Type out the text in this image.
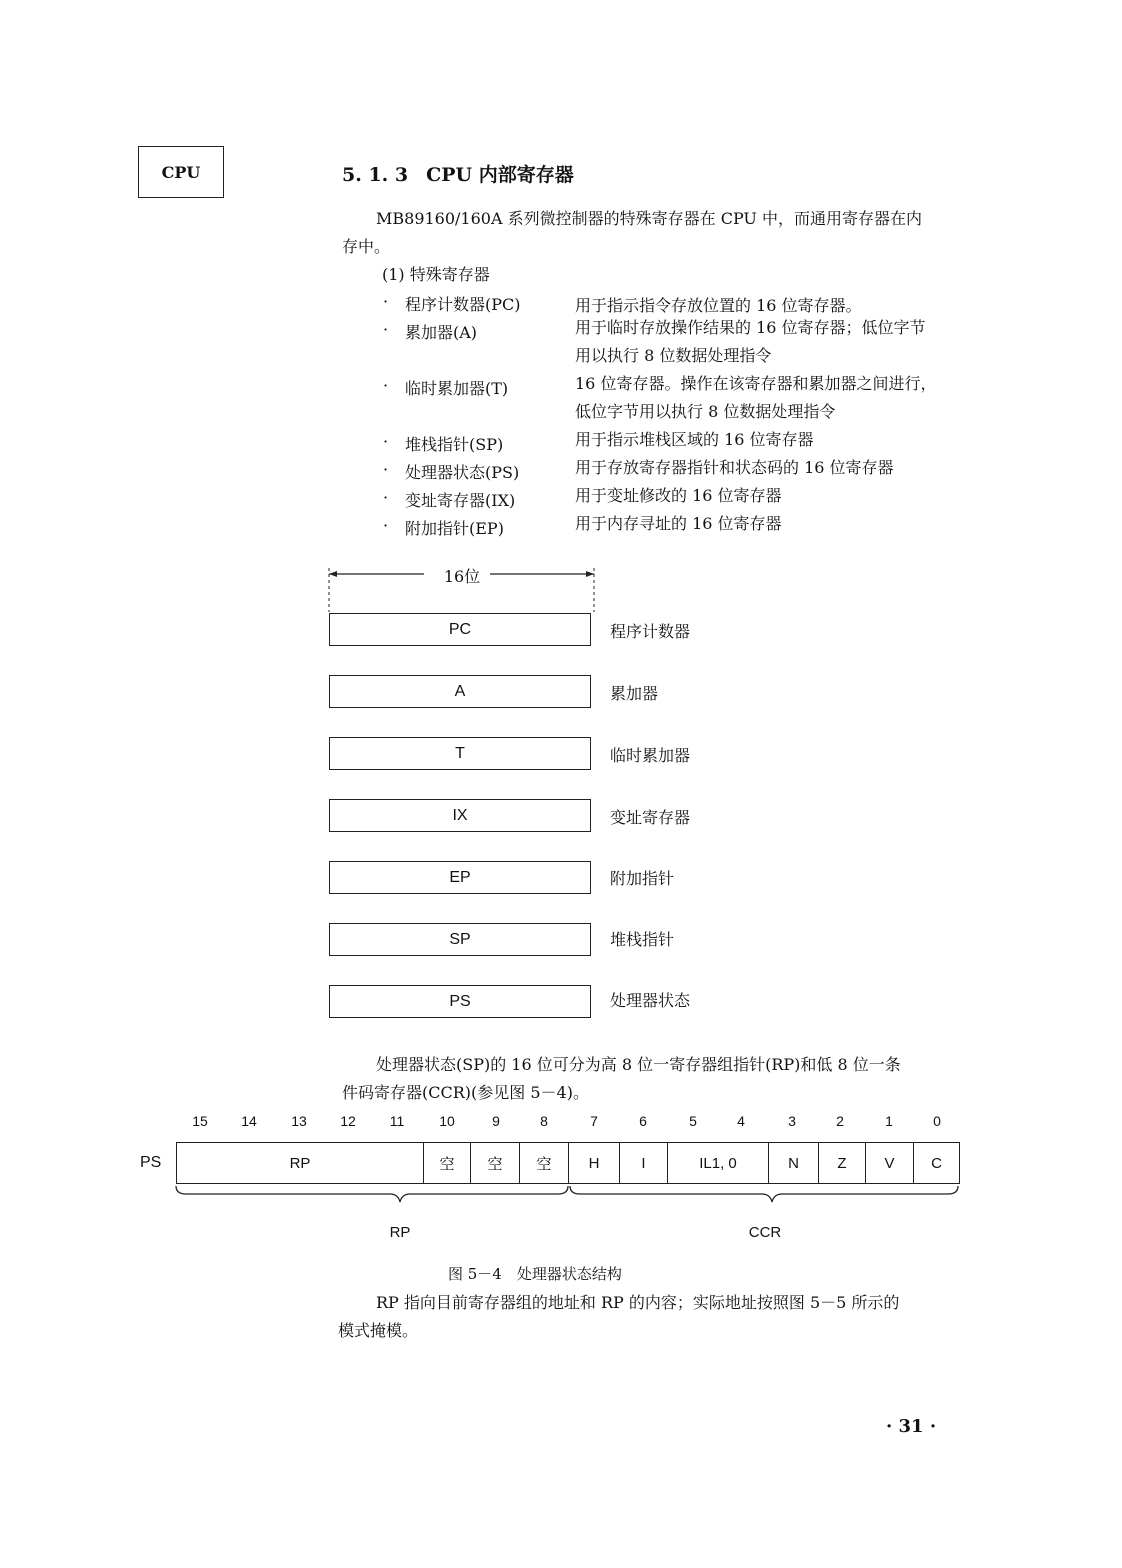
CPU	5. 1. 3 CPU 内部寄存器
MB89160/160A 系列微控制器的特殊寄存器在 CPU 中，而通用寄存器在内
存中。
(1) 特殊寄存器
· 程序计数器(PC)	用于指示指令存放位置的 16 位寄存器。
· 累加器(A)	用于临时存放操作结果的 16 位寄存器；低位字节
用以执行 8 位数据处理指令
· 临时累加器(T)	16 位寄存器。操作在该寄存器和累加器之间进行，
低位字节用以执行 8 位数据处理指令
· 堆栈指针(SP)	用于指示堆栈区域的 16 位寄存器
· 处理器状态(PS)	用于存放寄存器指针和状态码的 16 位寄存器
· 变址寄存器(IX)	用于变址修改的 16 位寄存器
· 附加指针(EP)	用于内存寻址的 16 位寄存器
16位
PC	程序计数器
A	累加器
T	临时累加器
IX	变址寄存器
EP	附加指针
SP	堆栈指针
PS	处理器状态
处理器状态(SP)的 16 位可分为高 8 位一寄存器组指针(RP)和低 8 位一条
件码寄存器(CCR)(参见图 5－4)。
15	14	13	12	11	10	9	8	7	6	5	4	3	2	1	0
PS	RP	空	空	空	H	I	IL1, 0	N	Z	V	C
RP	CCR
图 5－4　处理器状态结构
RP 指向目前寄存器组的地址和 RP 的内容；实际地址按照图 5－5 所示的
模式掩模。
· 31 ·
